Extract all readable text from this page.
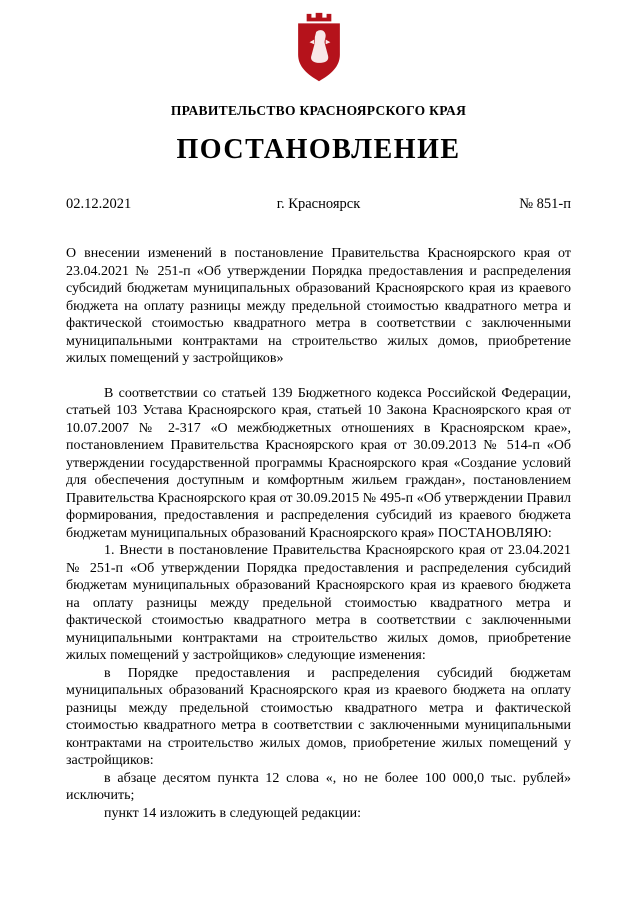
ПРАВИТЕЛЬСТВО КРАСНОЯРСКОГО КРАЯ
ПОСТАНОВЛЕНИЕ
02.12.2021	г. Красноярск	№ 851-п

О внесении изменений в постановление Правительства Красноярского края от 23.04.2021 № 251-п «Об утверждении Порядка предоставления и распределения субсидий бюджетам муниципальных образований Красноярского края из краевого бюджета на оплату разницы между предельной стоимостью квадратного метра и фактической стоимостью квадратного метра в соответствии с заключенными муниципальными контрактами на строительство жилых домов, приобретение жилых помещений у застройщиков»

В соответствии со статьей 139 Бюджетного кодекса Российской Федерации, статьей 103 Устава Красноярского края, статьей 10 Закона Красноярского края от 10.07.2007 № 2-317 «О межбюджетных отношениях в Красноярском крае», постановлением Правительства Красноярского края от 30.09.2013 № 514-п «Об утверждении государственной программы Красноярского края «Создание условий для обеспечения доступным и комфортным жильем граждан», постановлением Правительства Красноярского края от 30.09.2015 № 495-п «Об утверждении Правил формирования, предоставления и распределения субсидий из краевого бюджета бюджетам муниципальных образований Красноярского края» ПОСТАНОВЛЯЮ:

1. Внести в постановление Правительства Красноярского края от 23.04.2021 № 251-п «Об утверждении Порядка предоставления и распределения субсидий бюджетам муниципальных образований Красноярского края из краевого бюджета на оплату разницы между предельной стоимостью квадратного метра и фактической стоимостью квадратного метра в соответствии с заключенными муниципальными контрактами на строительство жилых домов, приобретение жилых помещений у застройщиков» следующие изменения:

в Порядке предоставления и распределения субсидий бюджетам муниципальных образований Красноярского края из краевого бюджета на оплату разницы между предельной стоимостью квадратного метра и фактической стоимостью квадратного метра в соответствии с заключенными муниципальными контрактами на строительство жилых домов, приобретение жилых помещений у застройщиков:

в абзаце десятом пункта 12 слова «, но не более 100 000,0 тыс. рублей» исключить;

пункт 14 изложить в следующей редакции:
